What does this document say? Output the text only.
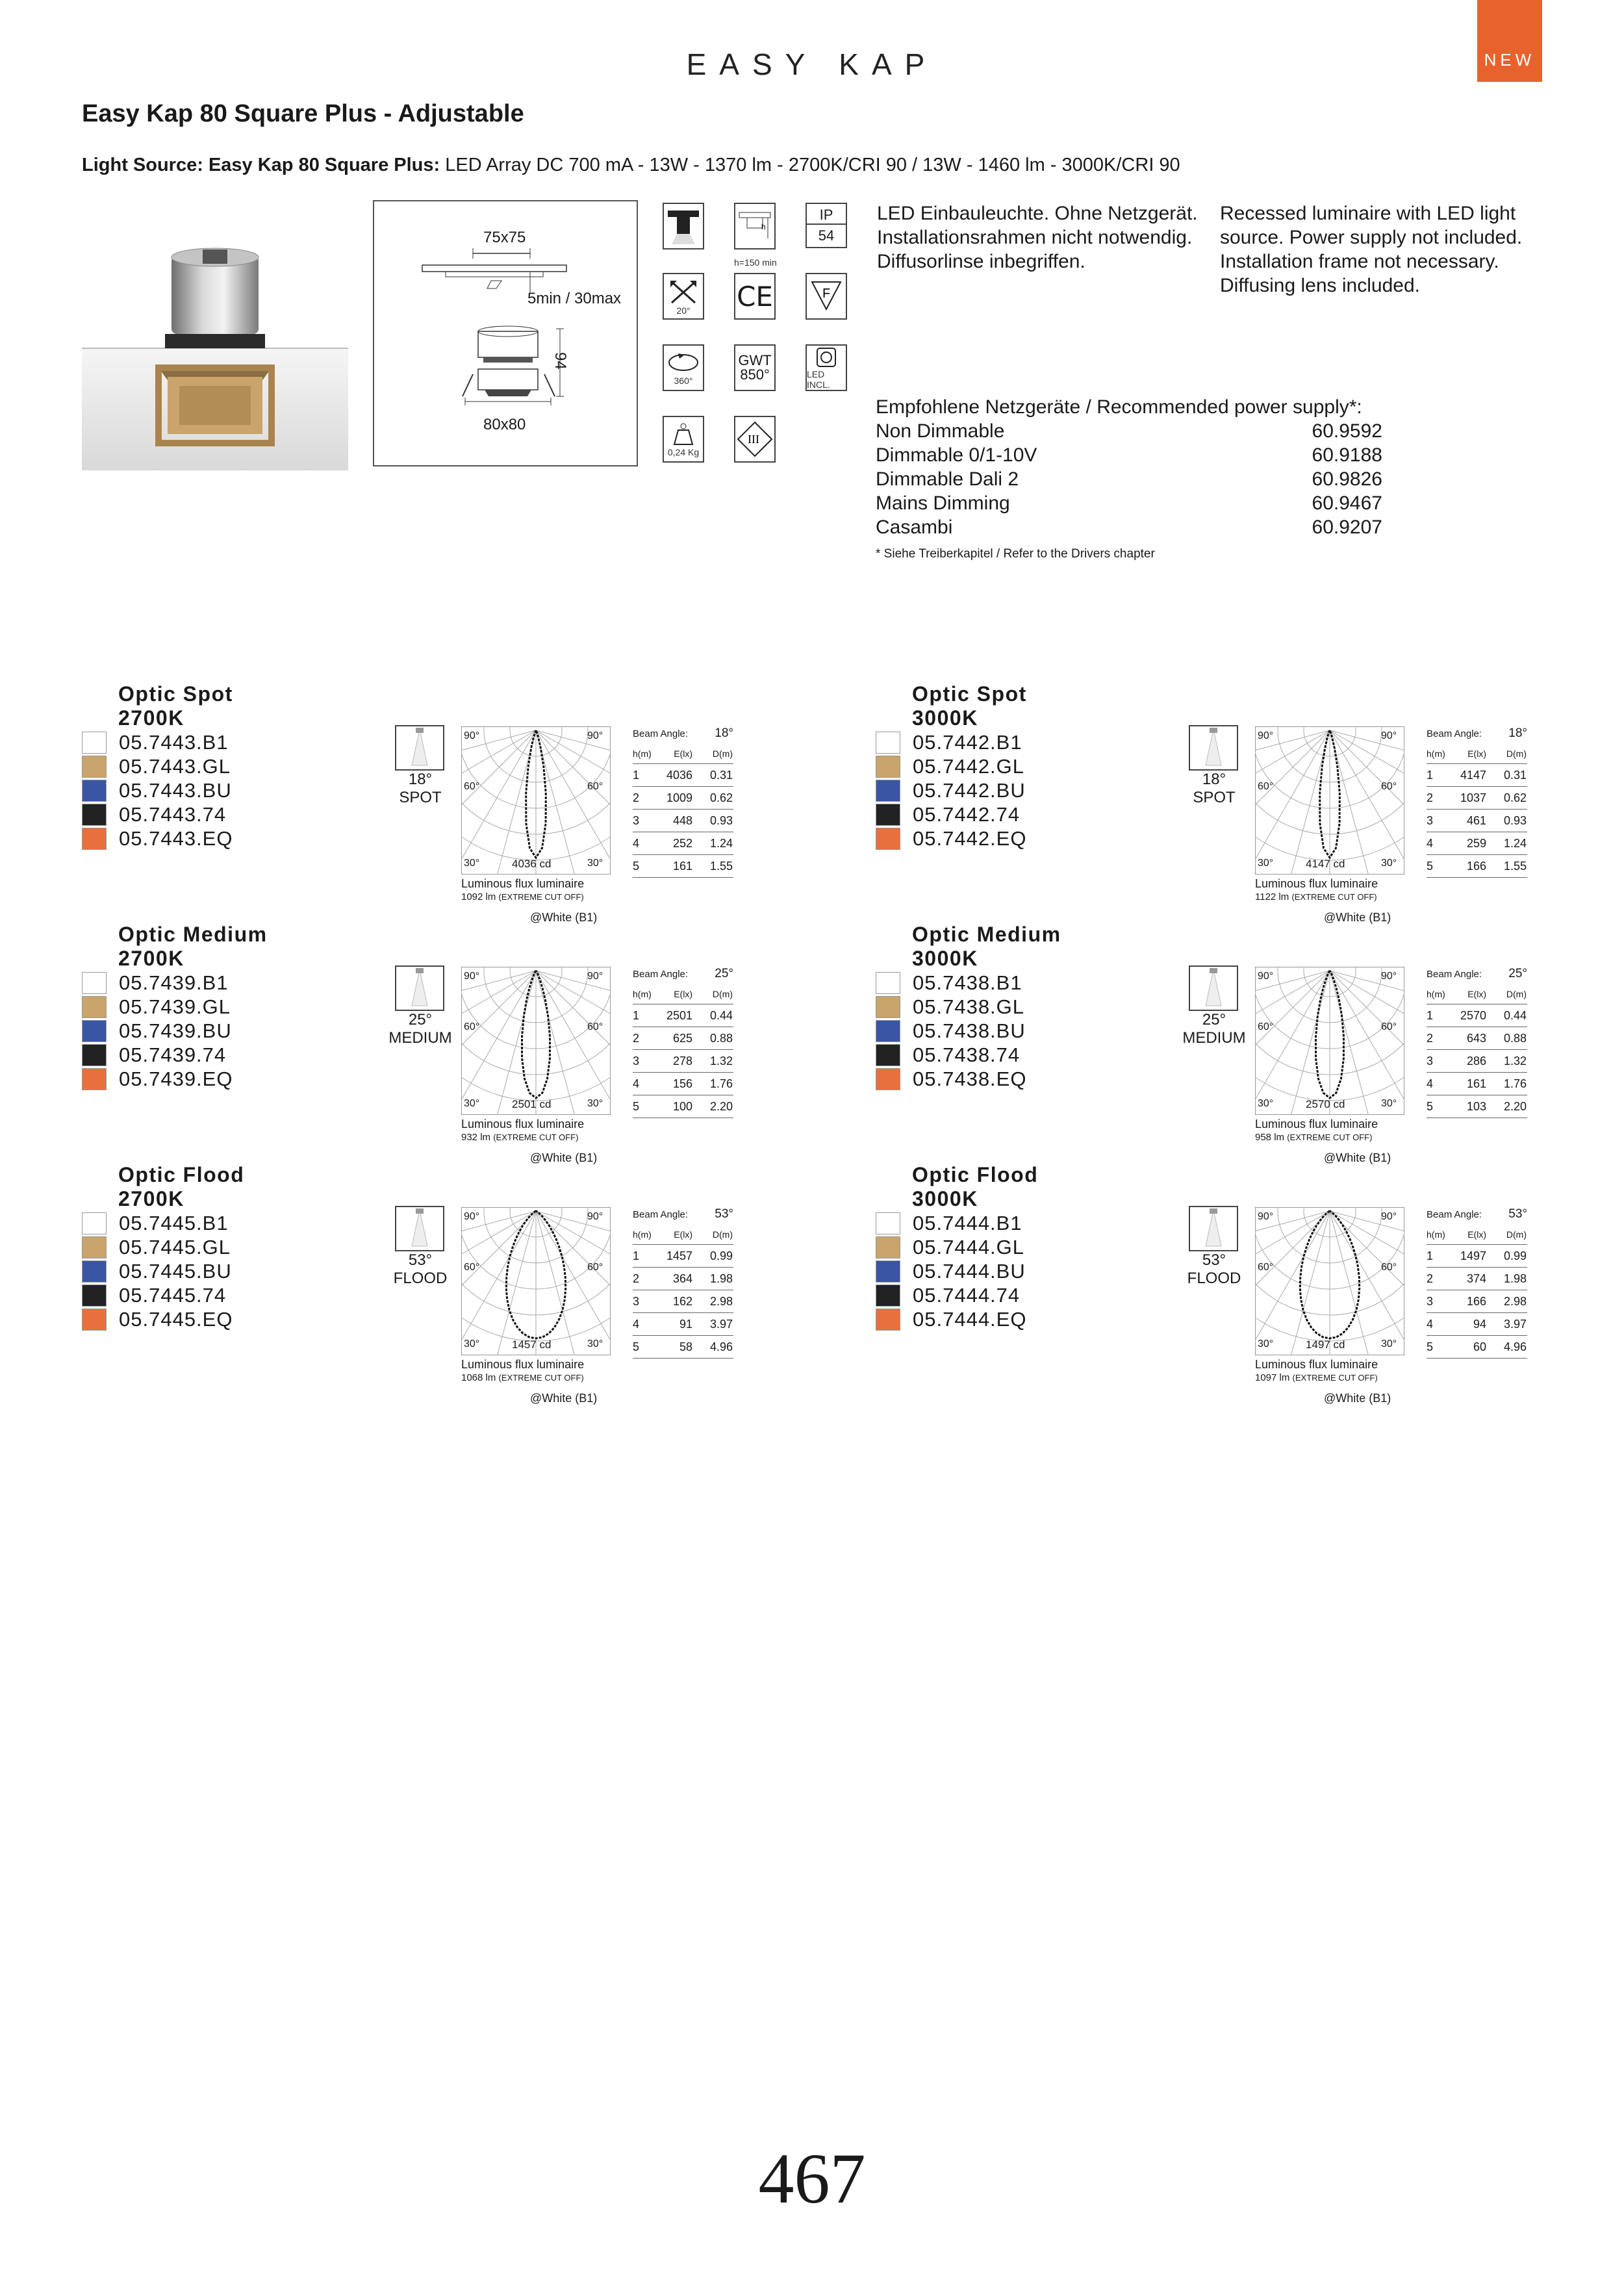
EASY KAP	NEW
Easy Kap 80 Square Plus - Adjustable
Light Source: Easy Kap 80 Square Plus: LED Array DC 700 mA - 13W - 1370 lm - 2700K/CRI 90 / 13W - 1460 lm - 3000K/CRI 90
75x75
5min / 30max
94
80x80
h
h=150 min
IP
54
20° CE	F
360°
GWT
850°	LED INCL.
0,24 Kg
III
LED Einbauleuchte. Ohne Netzgerät.
Installationsrahmen nicht notwendig.
Diffusorlinse inbegriffen.
Recessed luminaire with LED light
source. Power supply not included.
Installation frame not necessary.
Diffusing lens included.
Empfohlene Netzgeräte / Recommended power supply*:
Non Dimmable	60.9592
Dimmable 0/1-10V	60.9188
Dimmable Dali 2	60.9826
Mains Dimming	60.9467
Casambi	60.9207
* Siehe Treiberkapitel / Refer to the Drivers chapter
Optic Spot
2700K
05.7443.B1
05.7443.GL
05.7443.BU
05.7443.74
05.7443.EQ
18°
SPOT
90°	90°
60°	60°
30°	30°
4036 cd
Luminous flux luminaire
1092 lm (EXTREME CUT OFF)
@White (B1)
Beam Angle: 18°
h(m)	E(lx)	D(m)
1	4036	0.31
2	1009	0.62
3	448	0.93
4	252	1.24
5	161	1.55
Optic Spot
3000K
05.7442.B1
05.7442.GL
05.7442.BU
05.7442.74
05.7442.EQ
18°
SPOT
90°	90°
60°	60°
30°	30°
4147 cd
Luminous flux luminaire
1122 lm (EXTREME CUT OFF)
@White (B1)
Beam Angle: 18°
h(m)	E(lx)	D(m)
1	4147	0.31
2	1037	0.62
3	461	0.93
4	259	1.24
5	166	1.55
Optic Medium
2700K
05.7439.B1
05.7439.GL
05.7439.BU
05.7439.74
05.7439.EQ
25°
MEDIUM
90°	90°
60°	60°
30°	30°
2501 cd
Luminous flux luminaire
932 lm (EXTREME CUT OFF)
@White (B1)
Beam Angle: 25°
h(m)	E(lx)	D(m)
1	2501	0.44
2	625	0.88
3	278	1.32
4	156	1.76
5	100	2.20
Optic Medium
3000K
05.7438.B1
05.7438.GL
05.7438.BU
05.7438.74
05.7438.EQ
25°
MEDIUM
90°	90°
60°	60°
30°	30°
2570 cd
Luminous flux luminaire
958 lm (EXTREME CUT OFF)
@White (B1)
Beam Angle: 25°
h(m)	E(lx)	D(m)
1	2570	0.44
2	643	0.88
3	286	1.32
4	161	1.76
5	103	2.20
Optic Flood
2700K
05.7445.B1
05.7445.GL
05.7445.BU
05.7445.74
05.7445.EQ
53°
FLOOD
90°	90°
60°	60°
30°	30°
1457 cd
Luminous flux luminaire
1068 lm (EXTREME CUT OFF)
@White (B1)
Beam Angle: 53°
h(m)	E(lx)	D(m)
1	1457	0.99
2	364	1.98
3	162	2.98
4	91	3.97
5	58	4.96
Optic Flood
3000K
05.7444.B1
05.7444.GL
05.7444.BU
05.7444.74
05.7444.EQ
53°
FLOOD
90°	90°
60°	60°
30°	30°
1497 cd
Luminous flux luminaire
1097 lm (EXTREME CUT OFF)
@White (B1)
Beam Angle: 53°
h(m)	E(lx)	D(m)
1	1497	0.99
2	374	1.98
3	166	2.98
4	94	3.97
5	60	4.96
467
